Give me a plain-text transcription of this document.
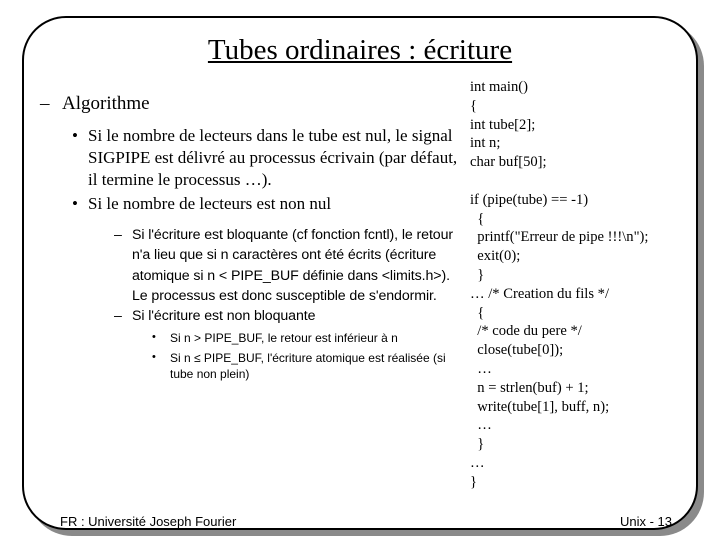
Tubes ordinaires : écriture
– Algorithme
• Si le nombre de lecteurs dans le tube est nul, le signal SIGPIPE est délivré au processus écrivain (par défaut, il termine le processus …).
• Si le nombre de lecteurs est non nul
– Si l'écriture est bloquante (cf fonction fcntl), le retour n'a lieu que si n caractères ont été écrits (écriture atomique si n < PIPE_BUF définie dans <limits.h>). Le processus est donc susceptible de s'endormir.
– Si l'écriture est non bloquante
• Si n > PIPE_BUF, le retour est inférieur à n
• Si n ≤ PIPE_BUF, l'écriture atomique est réalisée (si tube non plein)
int main()
{
int tube[2];
int n;
char buf[50];

if (pipe(tube) == -1)
{
printf("Erreur de pipe !!!\n");
exit(0);
}
… /* Creation du fils */
{
/* code du pere */
close(tube[0]);
…
n = strlen(buf) + 1;
write(tube[1], buff, n);
…
}
…
}
FR : Université Joseph Fourier	Unix - 13
